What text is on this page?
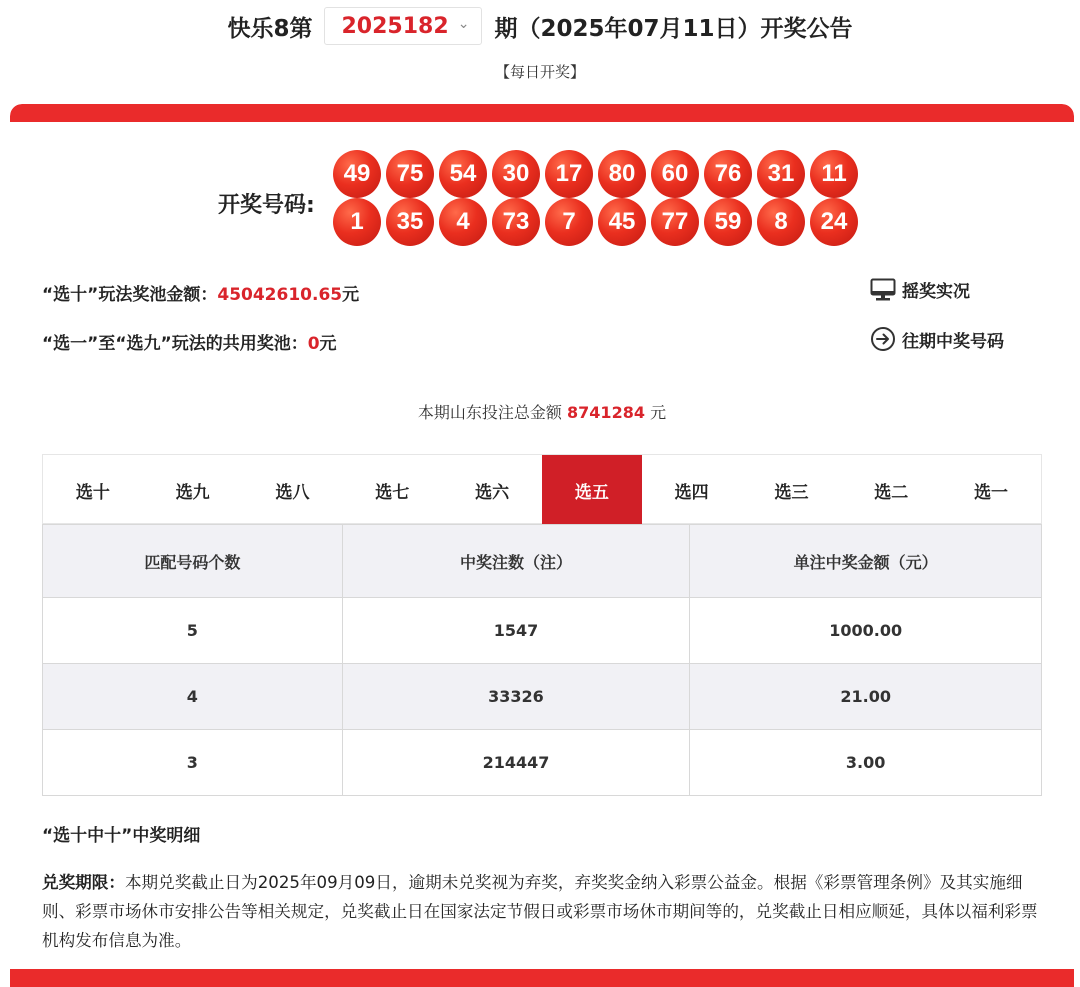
快乐8第 2025182 ⌄ 期（2025年07月11日）开奖公告
【每日开奖】
开奖号码:
49	75	54	30	17	80	60	76	31	11
1	35	4	73	7	45	77	59	8	24
“选十”玩法奖池金额：45042610.65元
“选一”至“选九”玩法的共用奖池：0元
摇奖实况
往期中奖号码
本期山东投注总金额 8741284 元
选十	选九	选八	选七	选六	选五	选四	选三	选二	选一
匹配号码个数	中奖注数（注）	单注中奖金额（元）
5	1547	1000.00
4	33326	21.00
3	214447	3.00
“选十中十”中奖明细
兑奖期限：本期兑奖截止日为2025年09月09日，逾期未兑奖视为弃奖，弃奖奖金纳入彩票公益金。根据《彩票管理条例》及其实施细则、彩票市场休市安排公告等相关规定，兑奖截止日在国家法定节假日或彩票市场休市期间等的，兑奖截止日相应顺延，具体以福利彩票机构发布信息为准。
